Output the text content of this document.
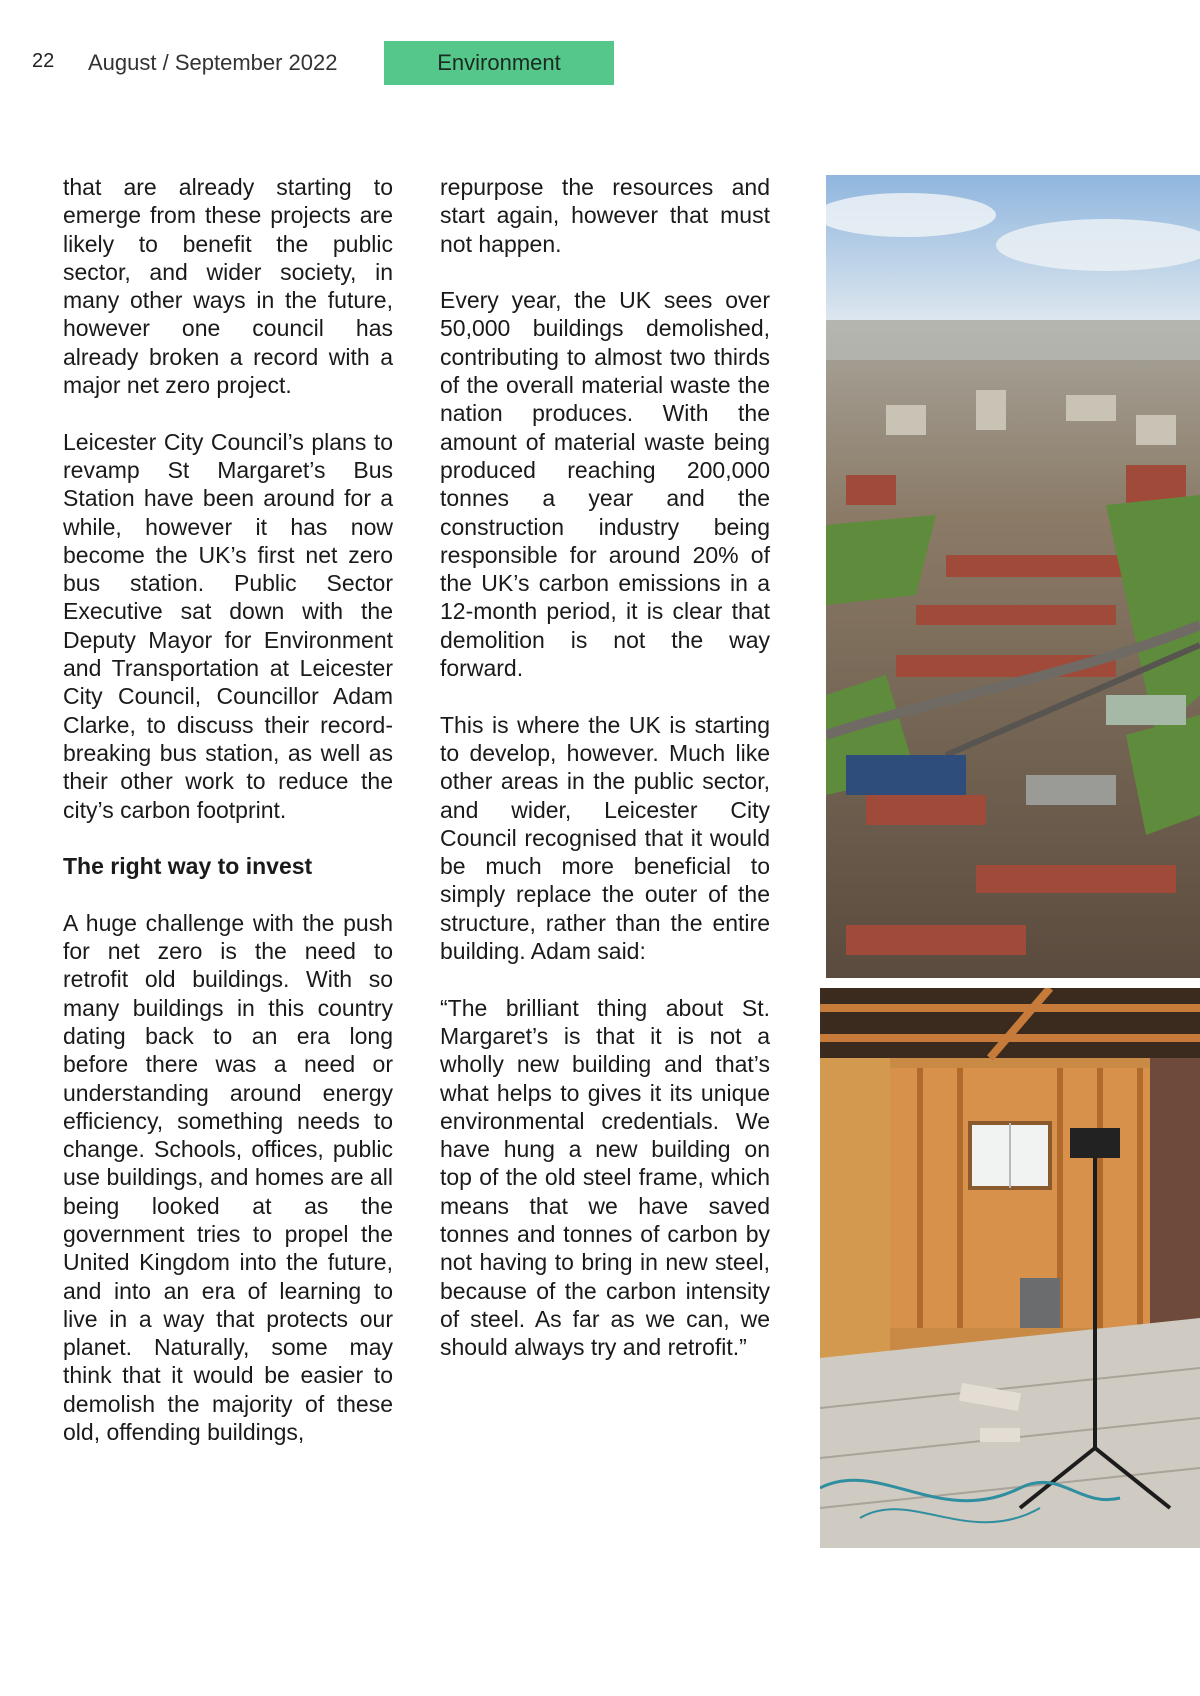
22 August / September 2022	Environment

that are already starting to emerge from these projects are likely to benefit the public sector, and wider society, in many other ways in the future, however one council has already broken a record with a major net zero project.

Leicester City Council’s plans to revamp St Margaret’s Bus Station have been around for a while, however it has now become the UK’s first net zero bus station. Public Sector Executive sat down with the Deputy Mayor for Environment and Transportation at Leicester City Council, Councillor Adam Clarke, to discuss their record-breaking bus station, as well as their other work to reduce the city’s carbon footprint.

The right way to invest

A huge challenge with the push for net zero is the need to retrofit old buildings. With so many buildings in this country dating back to an era long before there was a need or understanding around energy efficiency, something needs to change. Schools, offices, public use buildings, and homes are all being looked at as the government tries to propel the United Kingdom into the future, and into an era of learning to live in a way that protects our planet. Naturally, some may think that it would be easier to demolish the majority of these old, offending buildings,

repurpose the resources and start again, however that must not happen.

Every year, the UK sees over 50,000 buildings demolished, contributing to almost two thirds of the overall material waste the nation produces. With the amount of material waste being produced reaching 200,000 tonnes a year and the construction industry being responsible for around 20% of the UK’s carbon emissions in a 12-month period, it is clear that demolition is not the way forward.

This is where the UK is starting to develop, however. Much like other areas in the public sector, and wider, Leicester City Council recognised that it would be much more beneficial to simply replace the outer of the structure, rather than the entire building. Adam said:

“The brilliant thing about St. Margaret’s is that it is not a wholly new building and that’s what helps to gives it its unique environmental credentials. We have hung a new building on top of the old steel frame, which means that we have saved tonnes and tonnes of carbon by not having to bring in new steel, because of the carbon intensity of steel. As far as we can, we should always try and retrofit.”
